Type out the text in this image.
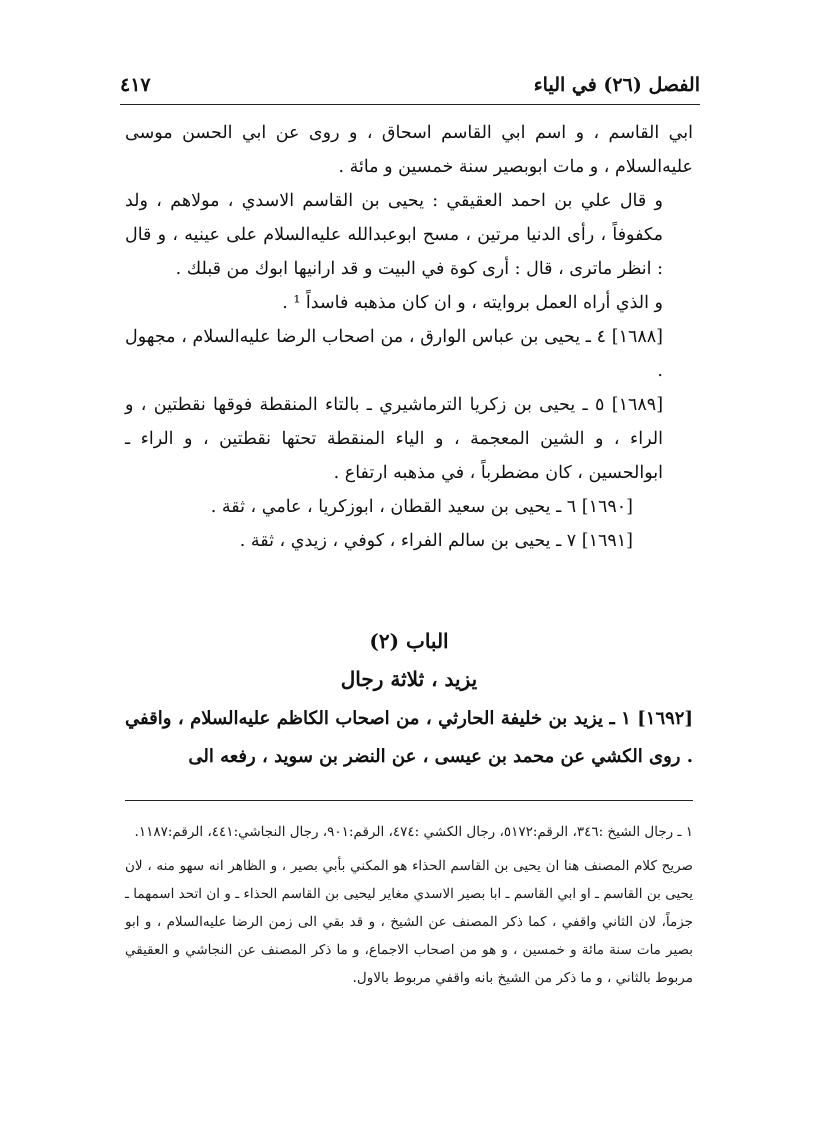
الفصل (٢٦) في الياء
٤١٧

ابي القاسم ، و اسم ابي القاسم اسحاق ، و روى عن ابي الحسن موسى عليه‌السلام ، و مات ابوبصير سنة خمسين و مائة .

و قال علي بن احمد العقيقي : يحيى بن القاسم الاسدي ، مولاهم ، ولد مكفوفاً ، رأى الدنيا مرتين ، مسح ابوعبدالله عليه‌السلام على عينيه ، و قال : انظر ماترى ، قال : أرى كوة في البيت و قد ارانيها ابوك من قبلك .

و الذي أراه العمل بروايته ، و ان كان مذهبه فاسداً ¹ .

[١٦٨٨] ٤ ـ يحيى بن عباس الوارق ، من اصحاب الرضا عليه‌السلام ، مجهول .

[١٦٨٩] ٥ ـ يحيى بن زكريا الترماشيري ـ بالتاء المنقطة فوقها نقطتين ، و الراء ، و الشين المعجمة ، و الياء المنقطة تحتها نقطتين ، و الراء ـ ابوالحسين ، كان مضطرباً ، في مذهبه ارتفاع .

[١٦٩٠] ٦ ـ يحيى بن سعيد القطان ، ابوزكريا ، عامي ، ثقة .

[١٦٩١] ٧ ـ يحيى بن سالم الفراء ، كوفي ، زيدي ، ثقة .

الباب (٢)
يزيد ، ثلاثة رجال

[١٦٩٢] ١ ـ يزيد بن خليفة الحارثي ، من اصحاب الكاظم عليه‌السلام ، واقفي . روى الكشي عن محمد بن عيسى ، عن النضر بن سويد ، رفعه الى

١ ـ رجال الشيخ :٣٤٦، الرقم:٥١٧٢، رجال الكشي :٤٧٤، الرقم:٩٠١، رجال النجاشي:٤٤١، الرقم:١١٨٧.

صريح كلام المصنف هنا ان يحيى بن القاسم الحذاء هو المكني بأبي بصير ، و الظاهر انه سهو منه ، لان يحيى بن القاسم ـ او ابي القاسم ـ ابا بصير الاسدي مغاير ليحيى بن القاسم الحذاء ـ و ان اتحد اسمهما ـ جزماً، لان الثاني واقفي ، كما ذكر المصنف عن الشيخ ، و قد بقي الى زمن الرضا عليه‌السلام ، و ابو بصير مات سنة مائة و خمسين ، و هو من اصحاب الاجماع، و ما ذكر المصنف عن النجاشي و العقيقي مربوط بالثاني ، و ما ذكر من الشيخ بانه واقفي مربوط بالاول.
